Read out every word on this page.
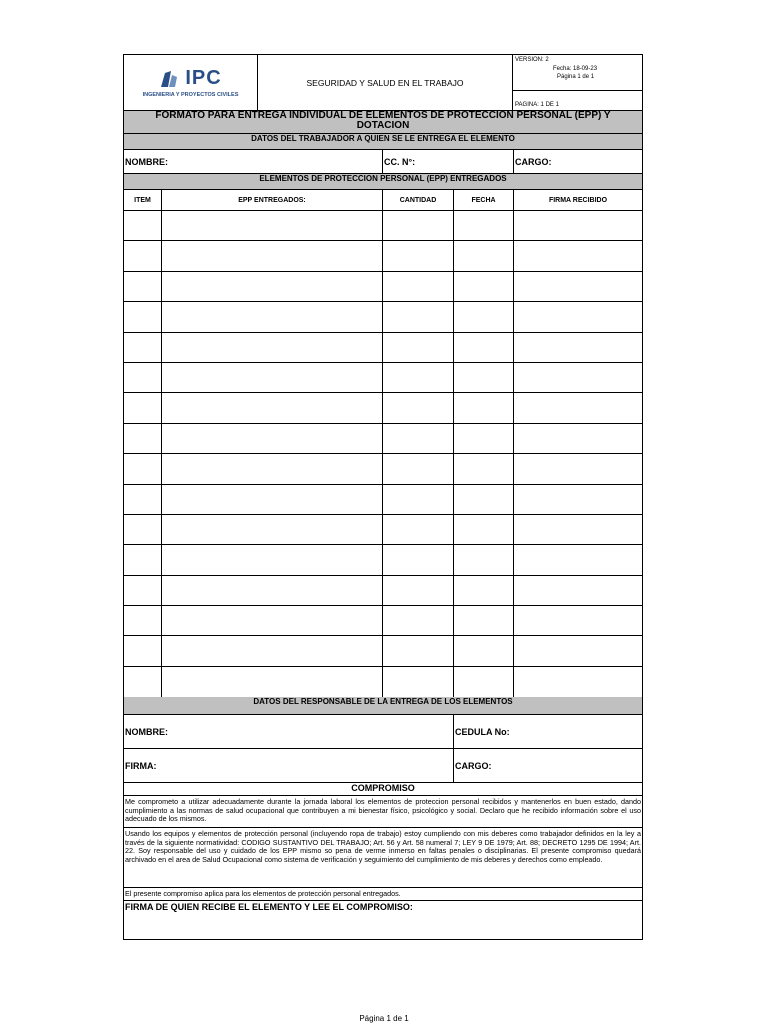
IPC
INGENIERIA Y PROYECTOS CIVILES
SEGURIDAD Y SALUD EN EL TRABAJO
VERSION: 2
Fecha: 18-09-23
Página 1 de 1
PAGINA: 1 DE 1
FORMATO PARA ENTREGA INDIVIDUAL DE ELEMENTOS DE PROTECCION PERSONAL (EPP) Y DOTACION
DATOS DEL TRABAJADOR A QUIEN SE LE ENTREGA EL ELEMENTO
NOMBRE:	CC. N°:	CARGO:
ELEMENTOS DE PROTECCION PERSONAL (EPP) ENTREGADOS
ITEM	EPP ENTREGADOS:	CANTIDAD	FECHA	FIRMA RECIBIDO
DATOS DEL RESPONSABLE DE LA ENTREGA DE LOS ELEMENTOS
NOMBRE:	CEDULA No:
FIRMA:	CARGO:
COMPROMISO
Me comprometo a utilizar adecuadamente durante la jornada laboral los elementos de proteccion personal recibidos y mantenerlos en buen estado, dando cumplimiento a las normas de salud ocupacional que contribuyen a mi bienestar físico, psicológico y social. Declaro que he recibido información sobre el uso adecuado de los mismos.
Usando los equipos y elementos de protección personal (incluyendo ropa de trabajo) estoy cumpliendo con mis deberes como trabajador definidos en la ley a través de la siguiente normatividad: CODIGO SUSTANTIVO DEL TRABAJO; Art. 56 y Art. 58 numeral 7; LEY 9 DE 1979; Art. 88; DECRETO 1295 DE 1994; Art. 22. Soy responsable del uso y cuidado de los EPP mismo so pena de verme inmerso en faltas penales o disciplinarias. El presente compromiso quedará archivado en el area de Salud Ocupacional como sistema de verificación y seguimiento del cumplimiento de mis deberes y derechos como empleado.
El presente compromiso aplica para los elementos de protección personal entregados.
FIRMA DE QUIEN RECIBE EL ELEMENTO Y LEE EL COMPROMISO:
Página 1 de 1
